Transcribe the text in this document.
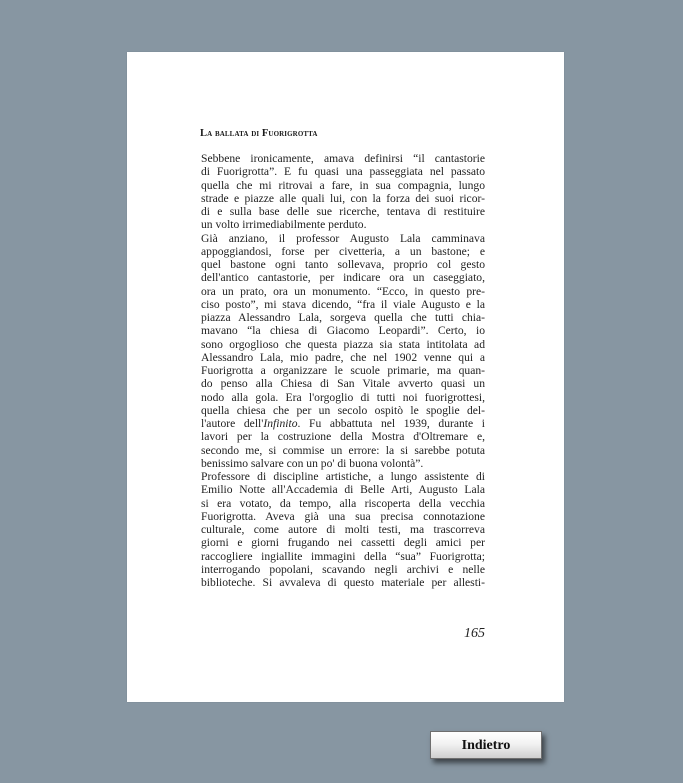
La ballata di Fuorigrotta
Sebbene ironicamente, amava definirsi “il cantastorie
di Fuorigrotta”. E fu quasi una passeggiata nel passato
quella che mi ritrovai a fare, in sua compagnia, lungo
strade e piazze alle quali lui, con la forza dei suoi ricor-
di e sulla base delle sue ricerche, tentava di restituire
un volto irrimediabilmente perduto.
Già anziano, il professor Augusto Lala camminava
appoggiandosi, forse per civetteria, a un bastone; e
quel bastone ogni tanto sollevava, proprio col gesto
dell'antico cantastorie, per indicare ora un caseggiato,
ora un prato, ora un monumento. “Ecco, in questo pre-
ciso posto”, mi stava dicendo, “fra il viale Augusto e la
piazza Alessandro Lala, sorgeva quella che tutti chia-
mavano “la chiesa di Giacomo Leopardi”. Certo, io
sono orgoglioso che questa piazza sia stata intitolata ad
Alessandro Lala, mio padre, che nel 1902 venne qui a
Fuorigrotta a organizzare le scuole primarie, ma quan-
do penso alla Chiesa di San Vitale avverto quasi un
nodo alla gola. Era l'orgoglio di tutti noi fuorigrottesi,
quella chiesa che per un secolo ospitò le spoglie del-
l'autore dell'Infinito. Fu abbattuta nel 1939, durante i
lavori per la costruzione della Mostra d'Oltremare e,
secondo me, si commise un errore: la si sarebbe potuta
benissimo salvare con un po' di buona volontà”.
Professore di discipline artistiche, a lungo assistente di
Emilio Notte all'Accademia di Belle Arti, Augusto Lala
si era votato, da tempo, alla riscoperta della vecchia
Fuorigrotta. Aveva già una sua precisa connotazione
culturale, come autore di molti testi, ma trascorreva
giorni e giorni frugando nei cassetti degli amici per
raccogliere ingiallite immagini della “sua” Fuorigrotta;
interrogando popolani, scavando negli archivi e nelle
biblioteche. Si avvaleva di questo materiale per allesti-
165
Indietro
